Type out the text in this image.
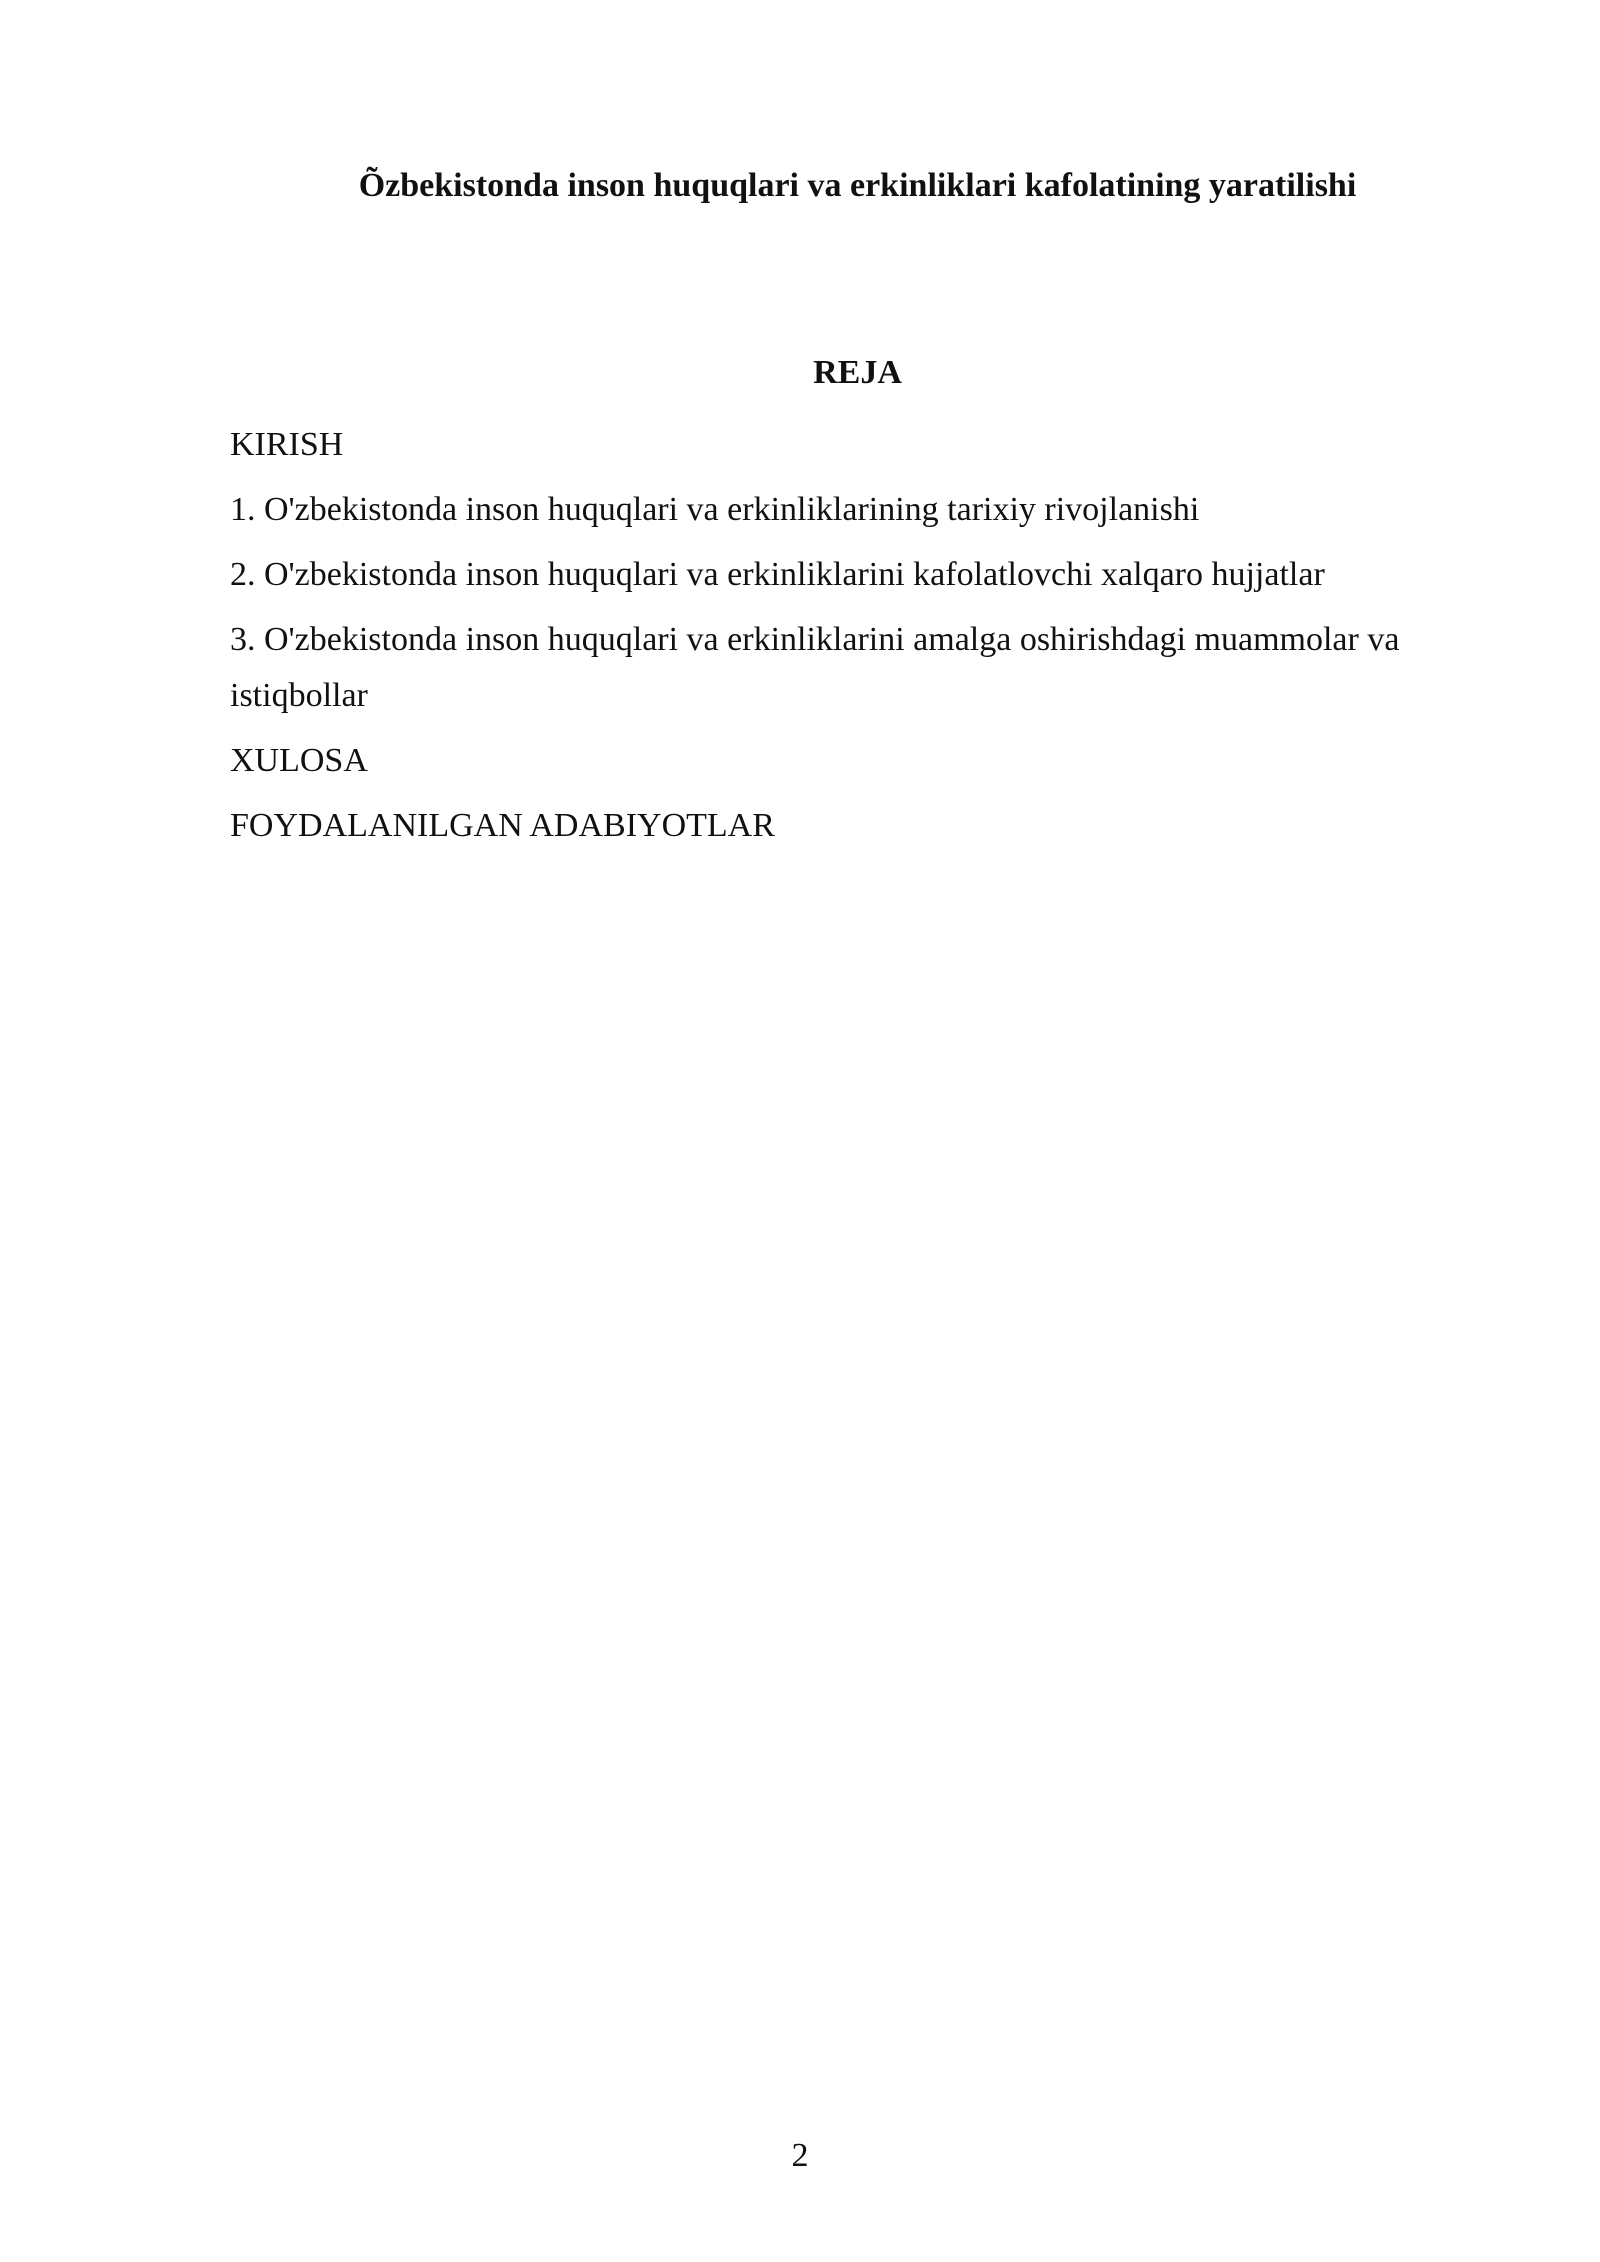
Õzbekistonda inson huquqlari va erkinliklari kafolatining yaratilishi
REJA
KIRISH
1. O'zbekistonda inson huquqlari va erkinliklarining tarixiy rivojlanishi
2. O'zbekistonda inson huquqlari va erkinliklarini kafolatlovchi xalqaro hujjatlar
3. O'zbekistonda inson huquqlari va erkinliklarini amalga oshirishdagi muammolar va istiqbollar
XULOSA
FOYDALANILGAN ADABIYOTLAR
2
